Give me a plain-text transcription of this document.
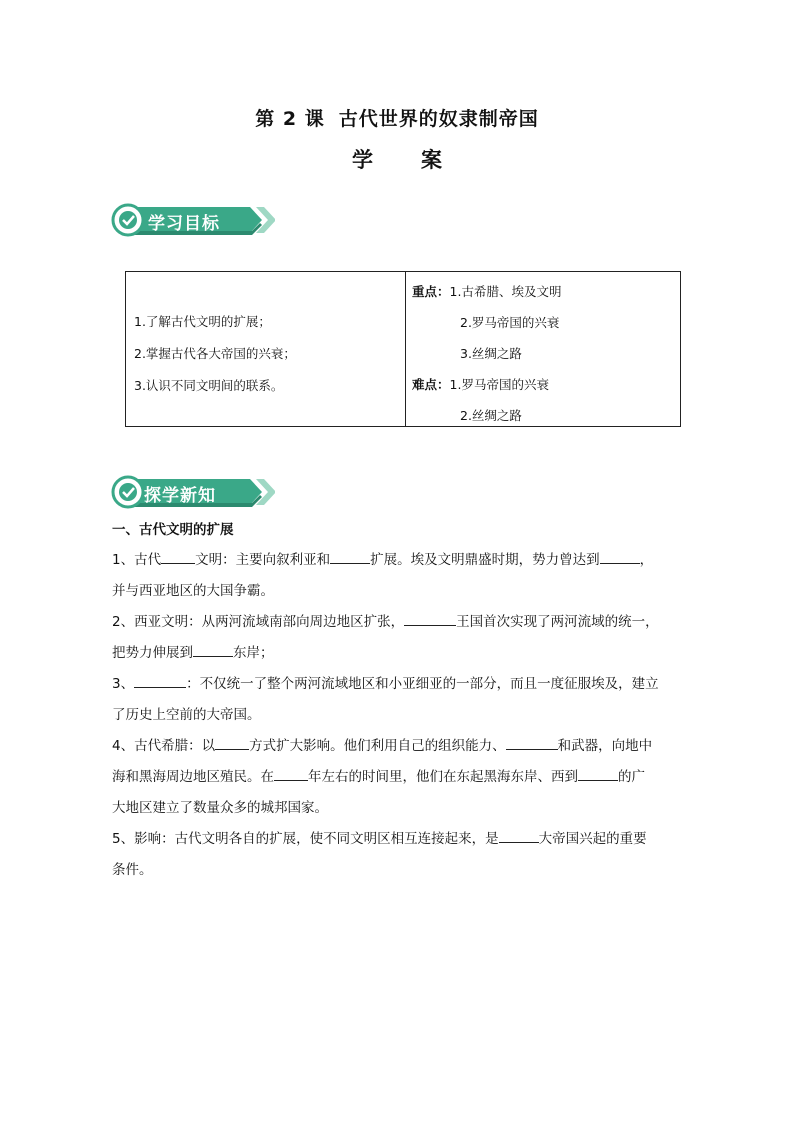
第 2 课 古代世界的奴隶制帝国
学案
学习目标
1.了解古代文明的扩展；
2.掌握古代各大帝国的兴衰；
3.认识不同文明间的联系。
重点：1.古希腊、埃及文明
2.罗马帝国的兴衰
3.丝绸之路
难点：1.罗马帝国的兴衰
2.丝绸之路
探学新知
一、古代文明的扩展

1、古代	文明：主要向叙利亚和	扩展。埃及文明鼎盛时期，势力曾达到	，

并与西亚地区的大国争霸。

2、西亚文明：从两河流域南部向周边地区扩张，	王国首次实现了两河流域的统一，

把势力伸展到	东岸；

3、	：不仅统一了整个两河流域地区和小亚细亚的一部分，而且一度征服埃及，建立

了历史上空前的大帝国。

4、古代希腊：以	方式扩大影响。他们利用自己的组织能力、	和武器，向地中

海和黑海周边地区殖民。在	年左右的时间里，他们在东起黑海东岸、西到	的广

大地区建立了数量众多的城邦国家。

5、影响：古代文明各自的扩展，使不同文明区相互连接起来，是	大帝国兴起的重要

条件。
